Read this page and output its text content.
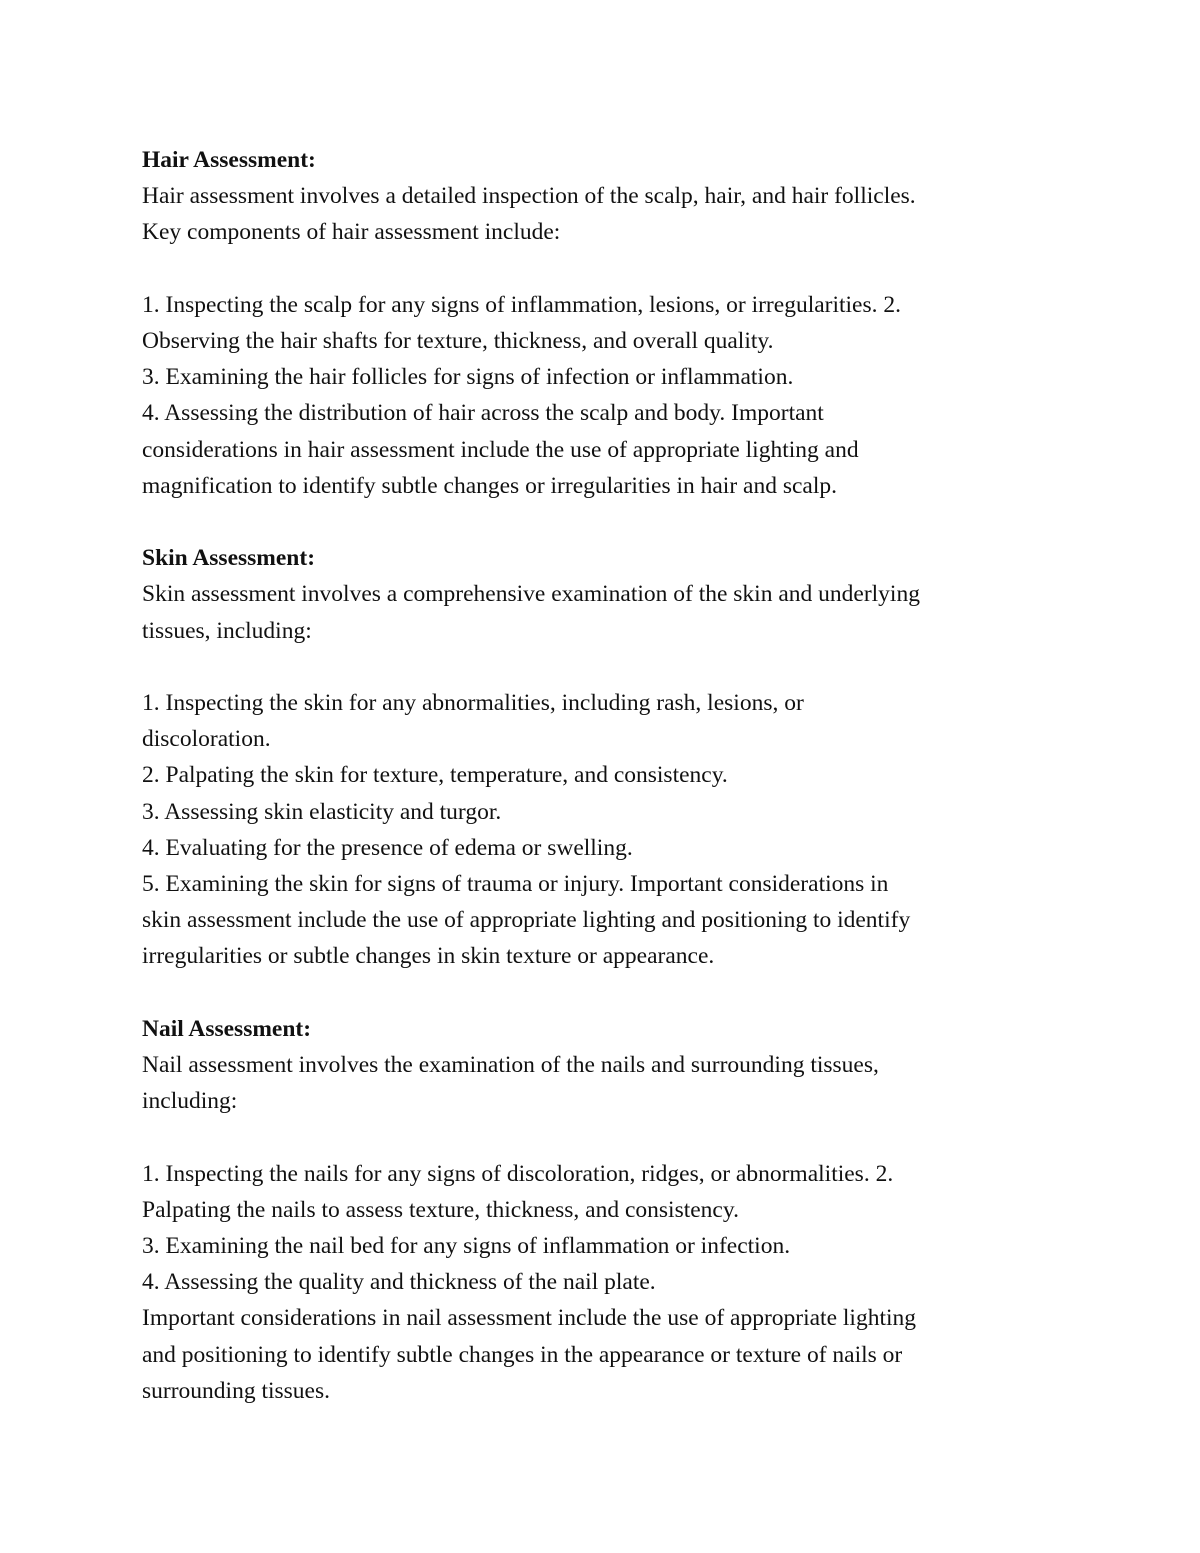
Hair Assessment:
Hair assessment involves a detailed inspection of the scalp, hair, and hair follicles.
Key components of hair assessment include:
1. Inspecting the scalp for any signs of inflammation, lesions, or irregularities. 2.
Observing the hair shafts for texture, thickness, and overall quality.
3. Examining the hair follicles for signs of infection or inflammation.
4. Assessing the distribution of hair across the scalp and body. Important
considerations in hair assessment include the use of appropriate lighting and
magnification to identify subtle changes or irregularities in hair and scalp.
Skin Assessment:
Skin assessment involves a comprehensive examination of the skin and underlying
tissues, including:
1. Inspecting the skin for any abnormalities, including rash, lesions, or
discoloration.
2. Palpating the skin for texture, temperature, and consistency.
3. Assessing skin elasticity and turgor.
4. Evaluating for the presence of edema or swelling.
5. Examining the skin for signs of trauma or injury. Important considerations in
skin assessment include the use of appropriate lighting and positioning to identify
irregularities or subtle changes in skin texture or appearance.
Nail Assessment:
Nail assessment involves the examination of the nails and surrounding tissues,
including:
1. Inspecting the nails for any signs of discoloration, ridges, or abnormalities. 2.
Palpating the nails to assess texture, thickness, and consistency.
3. Examining the nail bed for any signs of inflammation or infection.
4. Assessing the quality and thickness of the nail plate.
Important considerations in nail assessment include the use of appropriate lighting
and positioning to identify subtle changes in the appearance or texture of nails or
surrounding tissues.
